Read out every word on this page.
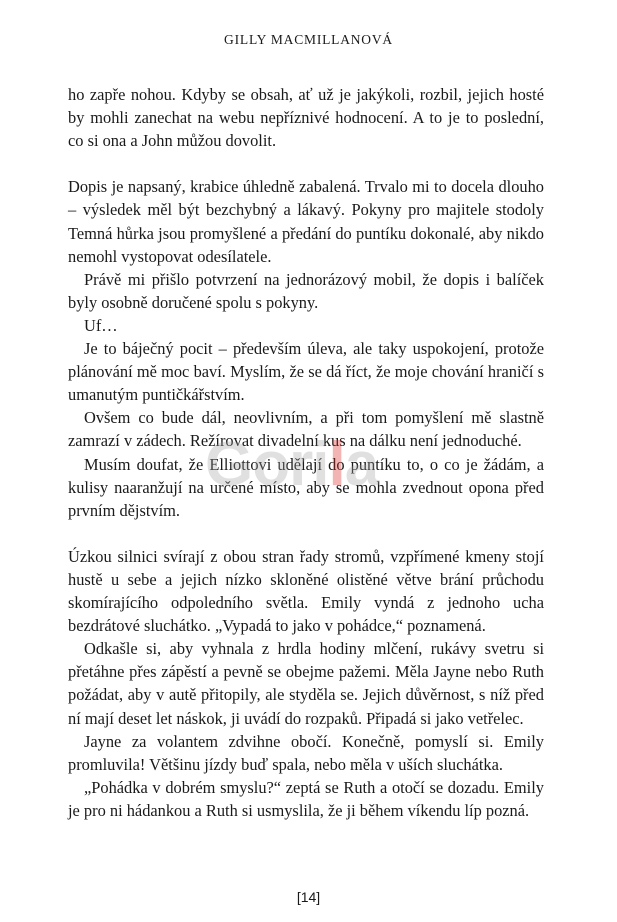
GILLY MACMILLANOVÁ

ho zapře nohou. Kdyby se obsah, ať už je jakýkoli, rozbil, jejich hosté by mohli zanechat na webu nepříznivé hodnocení. A to je to poslední, co si ona a John můžou dovolit.

Dopis je napsaný, krabice úhledně zabalená. Trvalo mi to docela dlouho – výsledek měl být bezchybný a lákavý. Pokyny pro majitele stodoly Temná hůrka jsou promyšlené a předání do puntíku dokonalé, aby nikdo nemohl vystopovat odesílatele.

Právě mi přišlo potvrzení na jednorázový mobil, že dopis i balíček byly osobně doručené spolu s pokyny.

Uf…

Je to báječný pocit – především úleva, ale taky uspokojení, protože plánování mě moc baví. Myslím, že se dá říct, že moje chování hraničí s umanutým puntičkářstvím.

Ovšem co bude dál, neovlivním, a při tom pomyšlení mě slastně zamrazí v zádech. Režírovat divadelní kus na dálku není jednoduché.

Musím doufat, že Elliottovi udělají do puntíku to, o co je žádám, a kulisy naaranžují na určené místo, aby se mohla zvednout opona před prvním dějstvím.

Úzkou silnici svírají z obou stran řady stromů, vzpřímené kmeny stojí hustě u sebe a jejich nízko skloněné olistěné větve brání průchodu skomírajícího odpoledního světla. Emily vyndá z jednoho ucha bezdrátové sluchátko. „Vypadá to jako v pohádce,“ poznamená.

Odkašle si, aby vyhnala z hrdla hodiny mlčení, rukávy svetru si přetáhne přes zápěstí a pevně se obejme pažemi. Měla Jayne nebo Ruth požádat, aby v autě přitopily, ale styděla se. Jejich důvěrnost, s níž před ní mají deset let náskok, ji uvádí do rozpaků. Připadá si jako vetřelec.

Jayne za volantem zdvihne obočí. Konečně, pomyslí si. Emily promluvila! Většinu jízdy buď spala, nebo měla v uších sluchátka.

„Pohádka v dobrém smyslu?“ zeptá se Ruth a otočí se dozadu. Emily je pro ni hádankou a Ruth si usmyslila, že ji během víkendu líp pozná.

Gorila
[14]
